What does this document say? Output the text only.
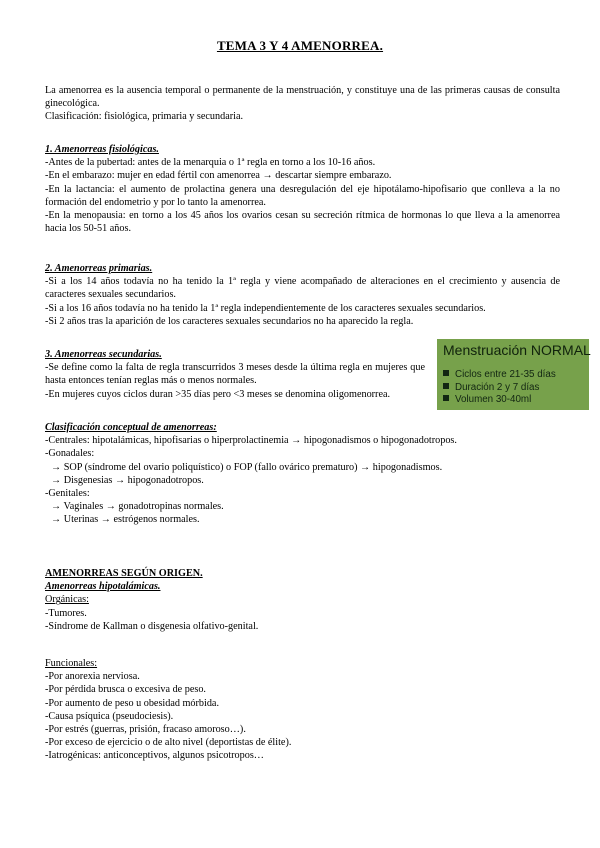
TEMA 3 Y 4 AMENORREA.

La amenorrea es la ausencia temporal o permanente de la menstruación, y constituye una de las primeras causas de consulta ginecológica.

Clasificación: fisiológica, primaria y secundaria.

1. Amenorreas fisiológicas.

-Antes de la pubertad: antes de la menarquia o 1ª regla en torno a los 10-16 años.

-En el embarazo: mujer en edad fértil con amenorrea → descartar siempre embarazo.

-En la lactancia: el aumento de prolactina genera una desregulación del eje hipotálamo-hipofisario que conlleva a la no formación del endometrio y por lo tanto la amenorrea.

-En la menopausia: en torno a los 45 años los ovarios cesan su secreción rítmica de hormonas lo que lleva a la amenorrea hacia los 50-51 años.

2. Amenorreas primarias.

-Si a los 14 años todavía no ha tenido la 1ª regla y viene acompañado de alteraciones en el crecimiento y ausencia de caracteres sexuales secundarios.

-Si a los 16 años todavía no ha tenido la 1ª regla independientemente de los caracteres sexuales secundarios.

-Si 2 años tras la aparición de los caracteres sexuales secundarios no ha aparecido la regla.

3. Amenorreas secundarias.

-Se define como la falta de regla transcurridos 3 meses desde la última regla en mujeres que hasta entonces tenían reglas más o menos normales.

-En mujeres cuyos ciclos duran >35 días pero <3 meses se denomina oligomenorrea.

Menstruación NORMAL
Ciclos entre 21-35 días
Duración 2 y 7 días
Volumen 30-40ml

Clasificación conceptual de amenorreas:

-Centrales: hipotalámicas, hipofisarias o hiperprolactinemia → hipogonadismos o hipogonadotropos.

-Gonadales:

→ SOP (síndrome del ovario poliquístico) o FOP (fallo ovárico prematuro) → hipogonadismos.

→ Disgenesias → hipogonadotropos.

-Genitales:

→ Vaginales → gonadotropinas normales.

→ Uterinas → estrógenos normales.

AMENORREAS SEGÚN ORIGEN.

Amenorreas hipotalámicas.

Orgánicas:

-Tumores.

-Síndrome de Kallman o disgenesia olfativo-genital.

Funcionales:

-Por anorexia nerviosa.

-Por pérdida brusca o excesiva de peso.

-Por aumento de peso u obesidad mórbida.

-Causa psíquica (pseudociesis).

-Por estrés (guerras, prisión, fracaso amoroso…).

-Por exceso de ejercicio o de alto nivel (deportistas de élite).

-Iatrogénicas: anticonceptivos, algunos psicotropos…
